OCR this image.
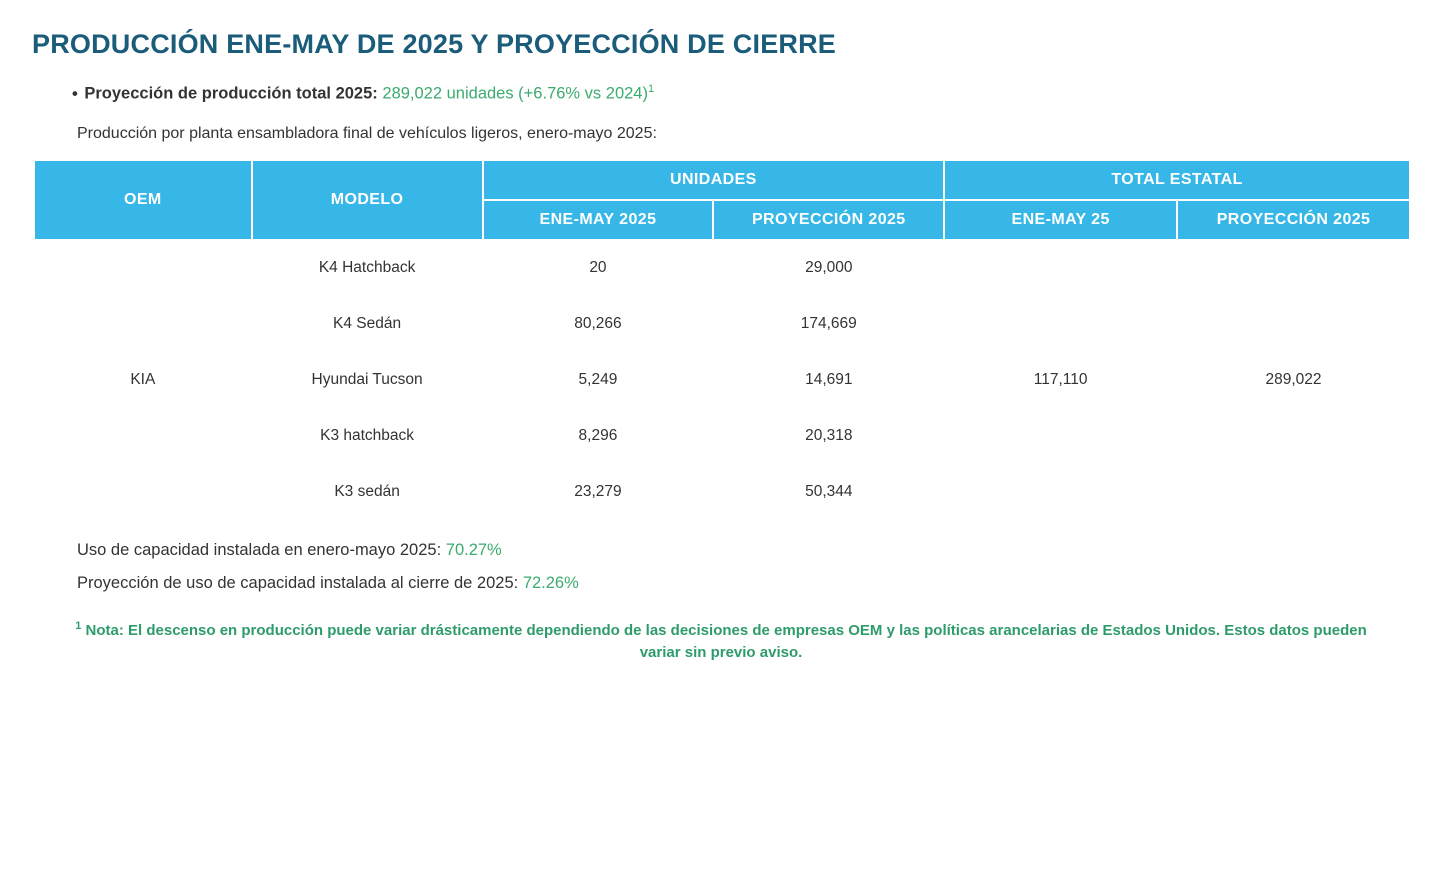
PRODUCCIÓN ENE-MAY DE 2025 Y PROYECCIÓN DE CIERRE
• Proyección de producción total 2025: 289,022 unidades (+6.76% vs 2024)$^1$
Producción por planta ensambladora final de vehículos ligeros, enero-mayo 2025:
OEM	MODELO	UNIDADES		TOTAL ESTATAL	
		ENE-MAY 2025	PROYECCIÓN 2025	ENE-MAY 25	PROYECCIÓN 2025
KIA	K4 Hatchback	20	29,000	117,110	289,022
	K4 Sedán	80,266	174,669		
	Hyundai Tucson	5,249	14,691		
	K3 hatchback	8,296	20,318		
	K3 sedán	23,279	50,344		
Uso de capacidad instalada en enero-mayo 2025: 70.27%
Proyección de uso de capacidad instalada al cierre de 2025: 72.26%
$^1$ Nota: El descenso en producción puede variar drásticamente dependiendo de las decisiones de empresas OEM y las políticas arancelarias de Estados Unidos. Estos datos pueden variar sin previo aviso.
